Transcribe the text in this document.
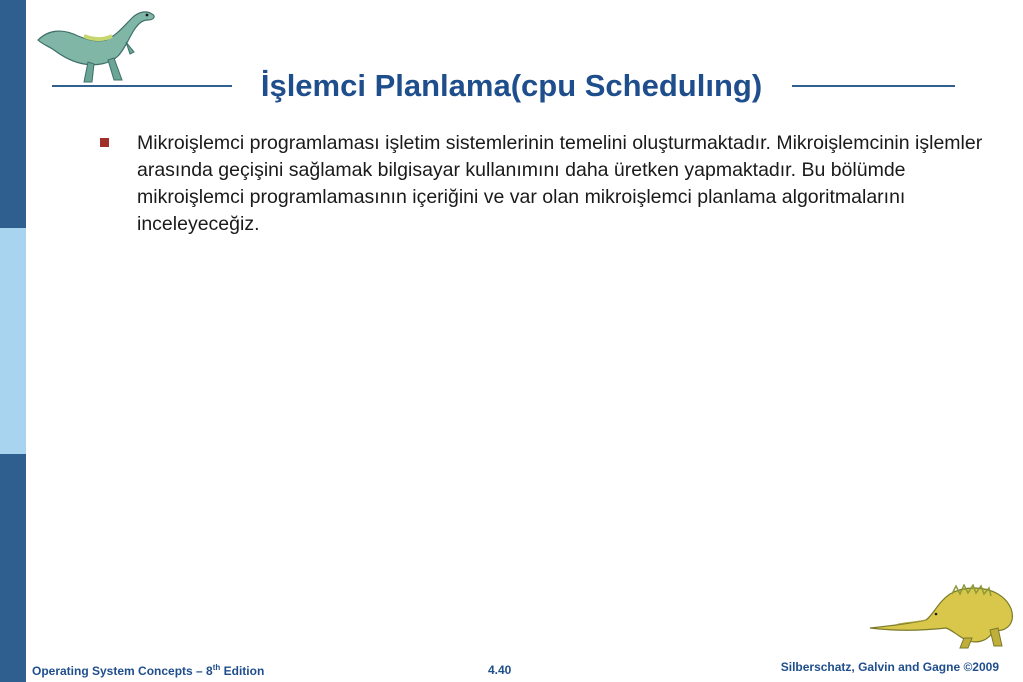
İşlemci Planlama(cpu Schedulıng)

Mikroişlemci programlaması işletim sistemlerinin temelini oluşturmaktadır. Mikroişlemcinin işlemler arasında geçişini sağlamak bilgisayar kullanımını daha üretken yapmaktadır. Bu bölümde mikroişlemci programlamasının içeriğini ve var olan mikroişlemci planlama algoritmalarını inceleyeceğiz.

Operating System Concepts – 8th Edition	4.40	Silberschatz, Galvin and Gagne ©2009
